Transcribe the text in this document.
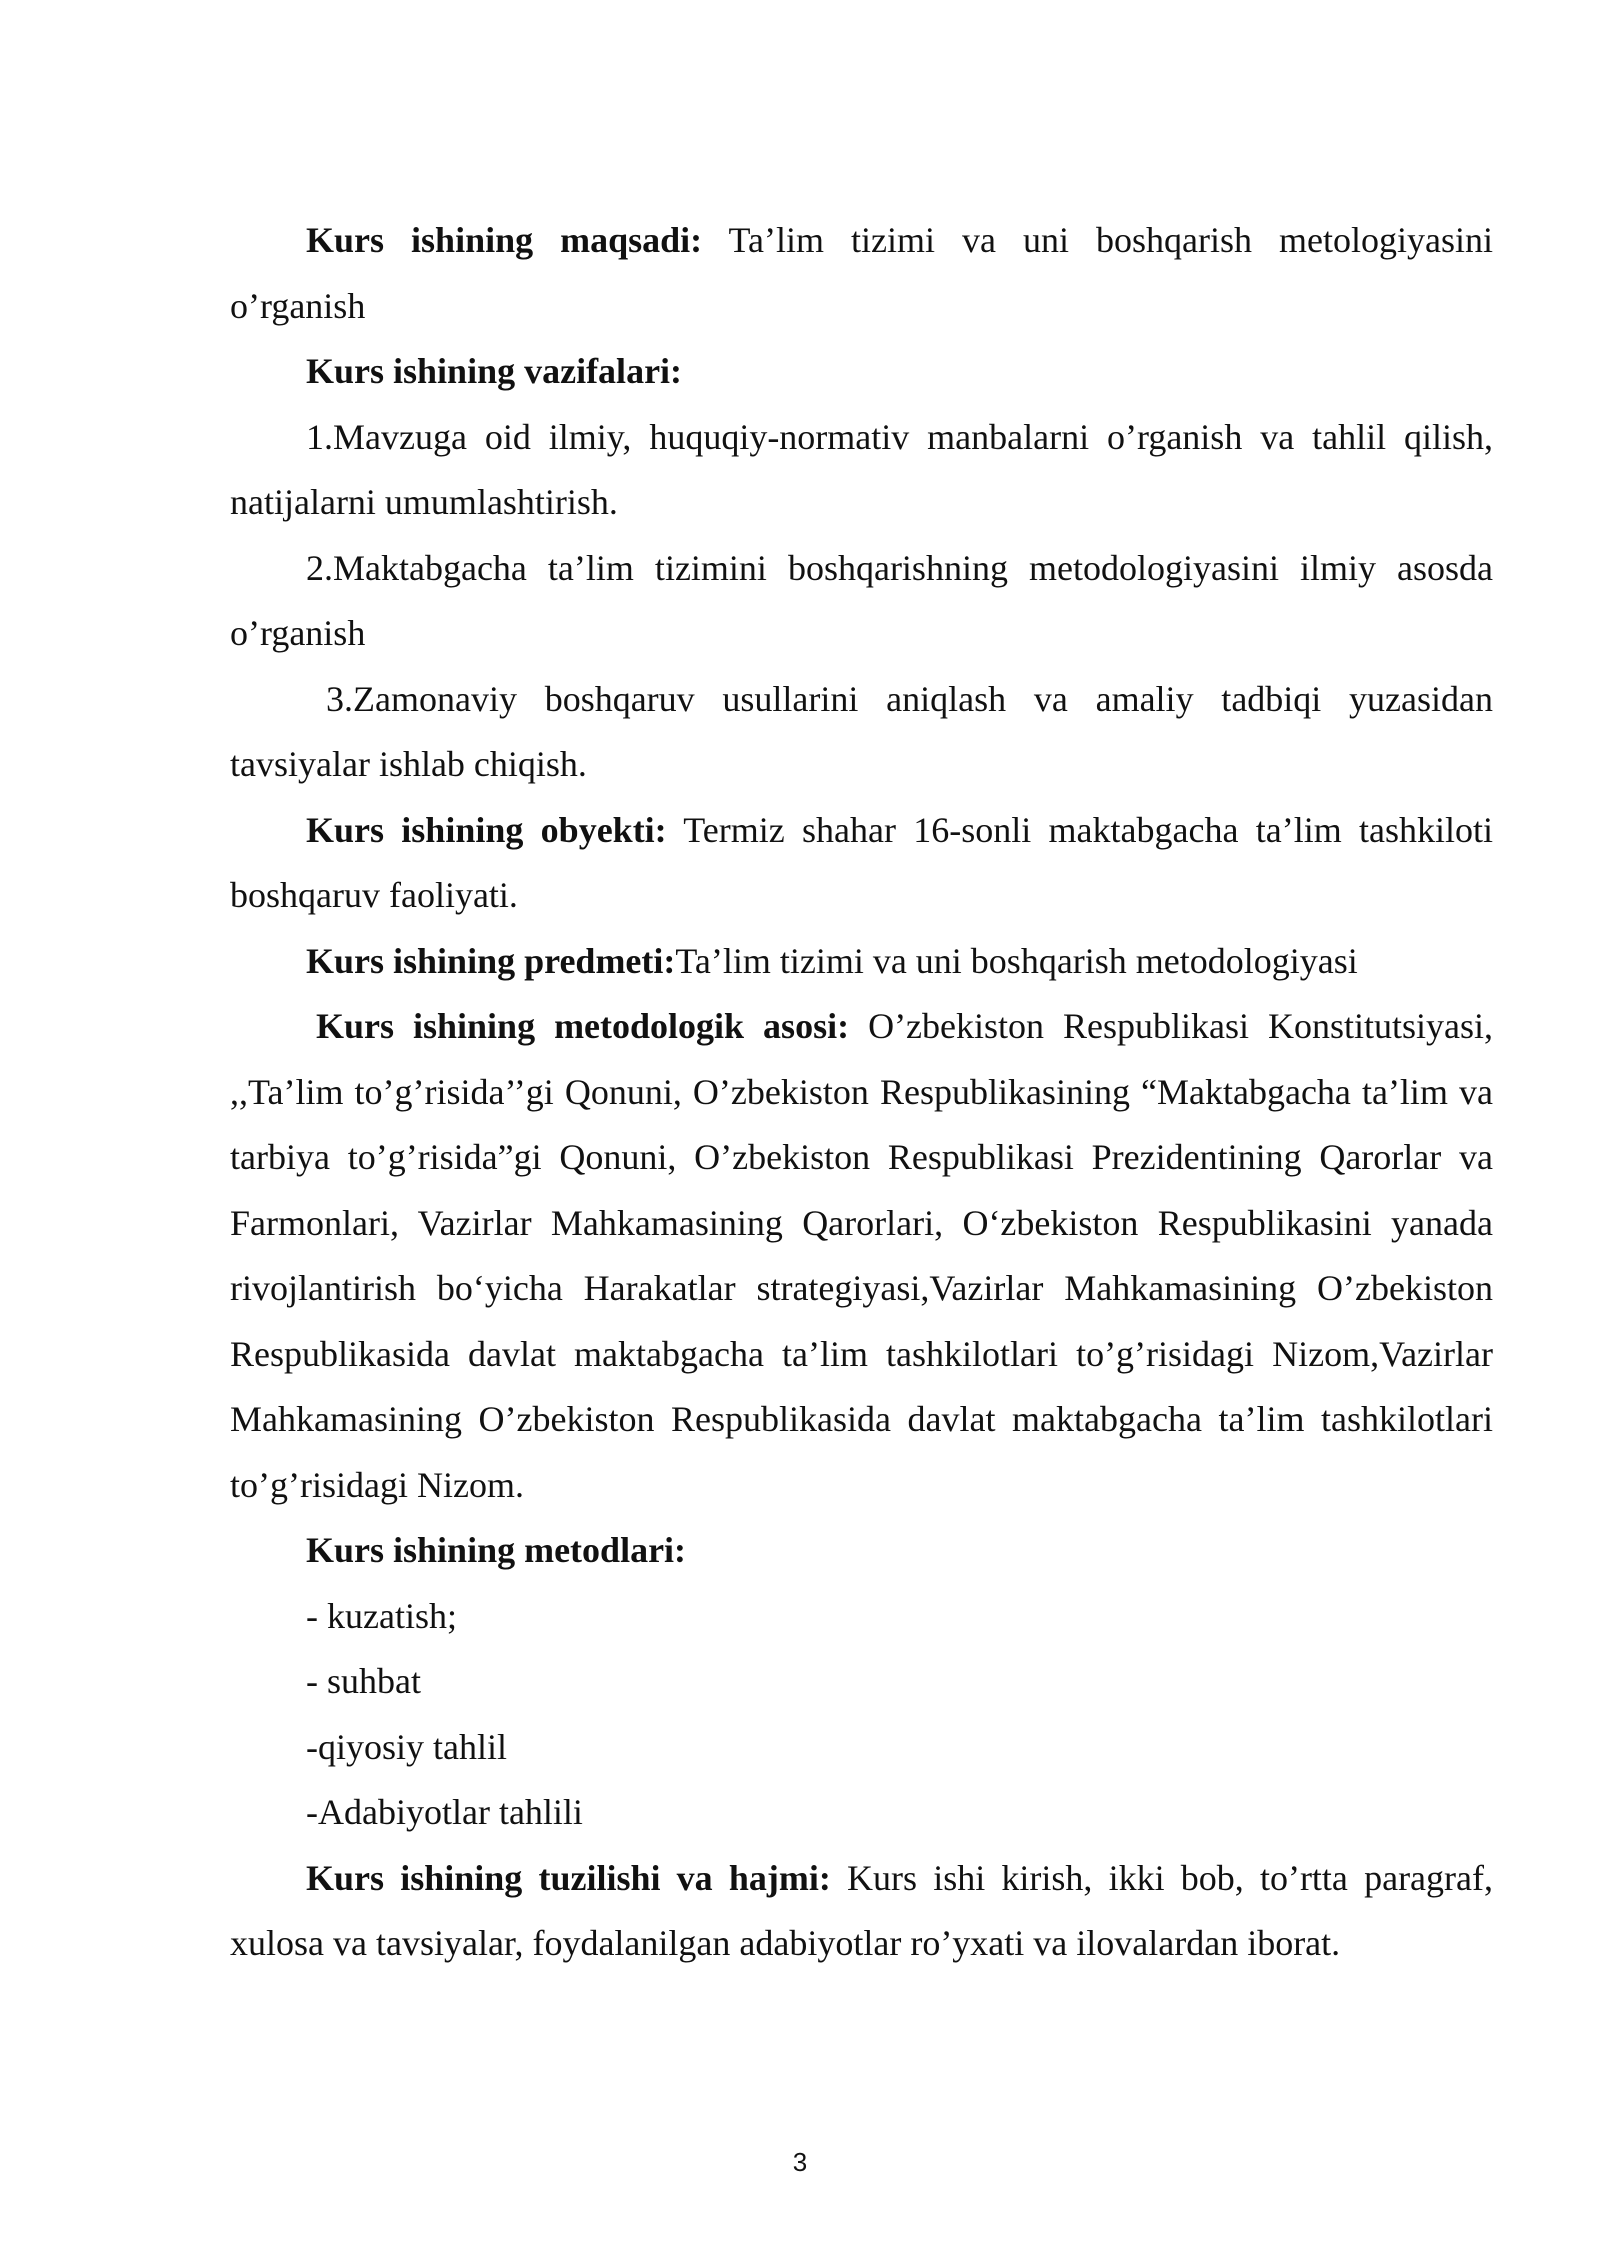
Kurs ishining maqsadi: Ta’lim tizimi va uni boshqarish metologiyasini o’rganish

Kurs ishining vazifalari:

1.Mavzuga oid ilmiy, huquqiy-normativ manbalarni o’rganish va tahlil qilish, natijalarni umumlashtirish.

2.Maktabgacha ta’lim tizimini boshqarishning metodologiyasini ilmiy asosda o’rganish

3.Zamonaviy boshqaruv usullarini aniqlash va amaliy tadbiqi yuzasidan tavsiyalar ishlab chiqish.

Kurs ishining obyekti: Termiz shahar 16-sonli maktabgacha ta’lim tashkiloti boshqaruv faoliyati.

Kurs ishining predmeti:Ta’lim tizimi va uni boshqarish metodologiyasi

Kurs ishining metodologik asosi: O’zbekiston Respublikasi Konstitutsiyasi, ,,Ta’lim to’g’risida’’gi Qonuni, O’zbekiston Respublikasining “Maktabgacha ta’lim va tarbiya to’g’risida”gi Qonuni, O’zbekiston Respublikasi Prezidentining Qarorlar va Farmonlari, Vazirlar Mahkamasining Qarorlari, O‘zbekiston Respublikasini yanada rivojlantirish bo‘yicha Harakatlar strategiyasi,Vazirlar Mahkamasining O’zbekiston Respublikasida davlat maktabgacha ta’lim tashkilotlari to’g’risidagi Nizom,Vazirlar Mahkamasining O’zbekiston Respublikasida davlat maktabgacha ta’lim tashkilotlari to’g’risidagi Nizom.

Kurs ishining metodlari:

- kuzatish;

- suhbat

-qiyosiy tahlil

-Adabiyotlar tahlili

Kurs ishining tuzilishi va hajmi: Kurs ishi kirish, ikki bob, to’rtta paragraf, xulosa va tavsiyalar, foydalanilgan adabiyotlar ro’yxati va ilovalardan iborat.

3
